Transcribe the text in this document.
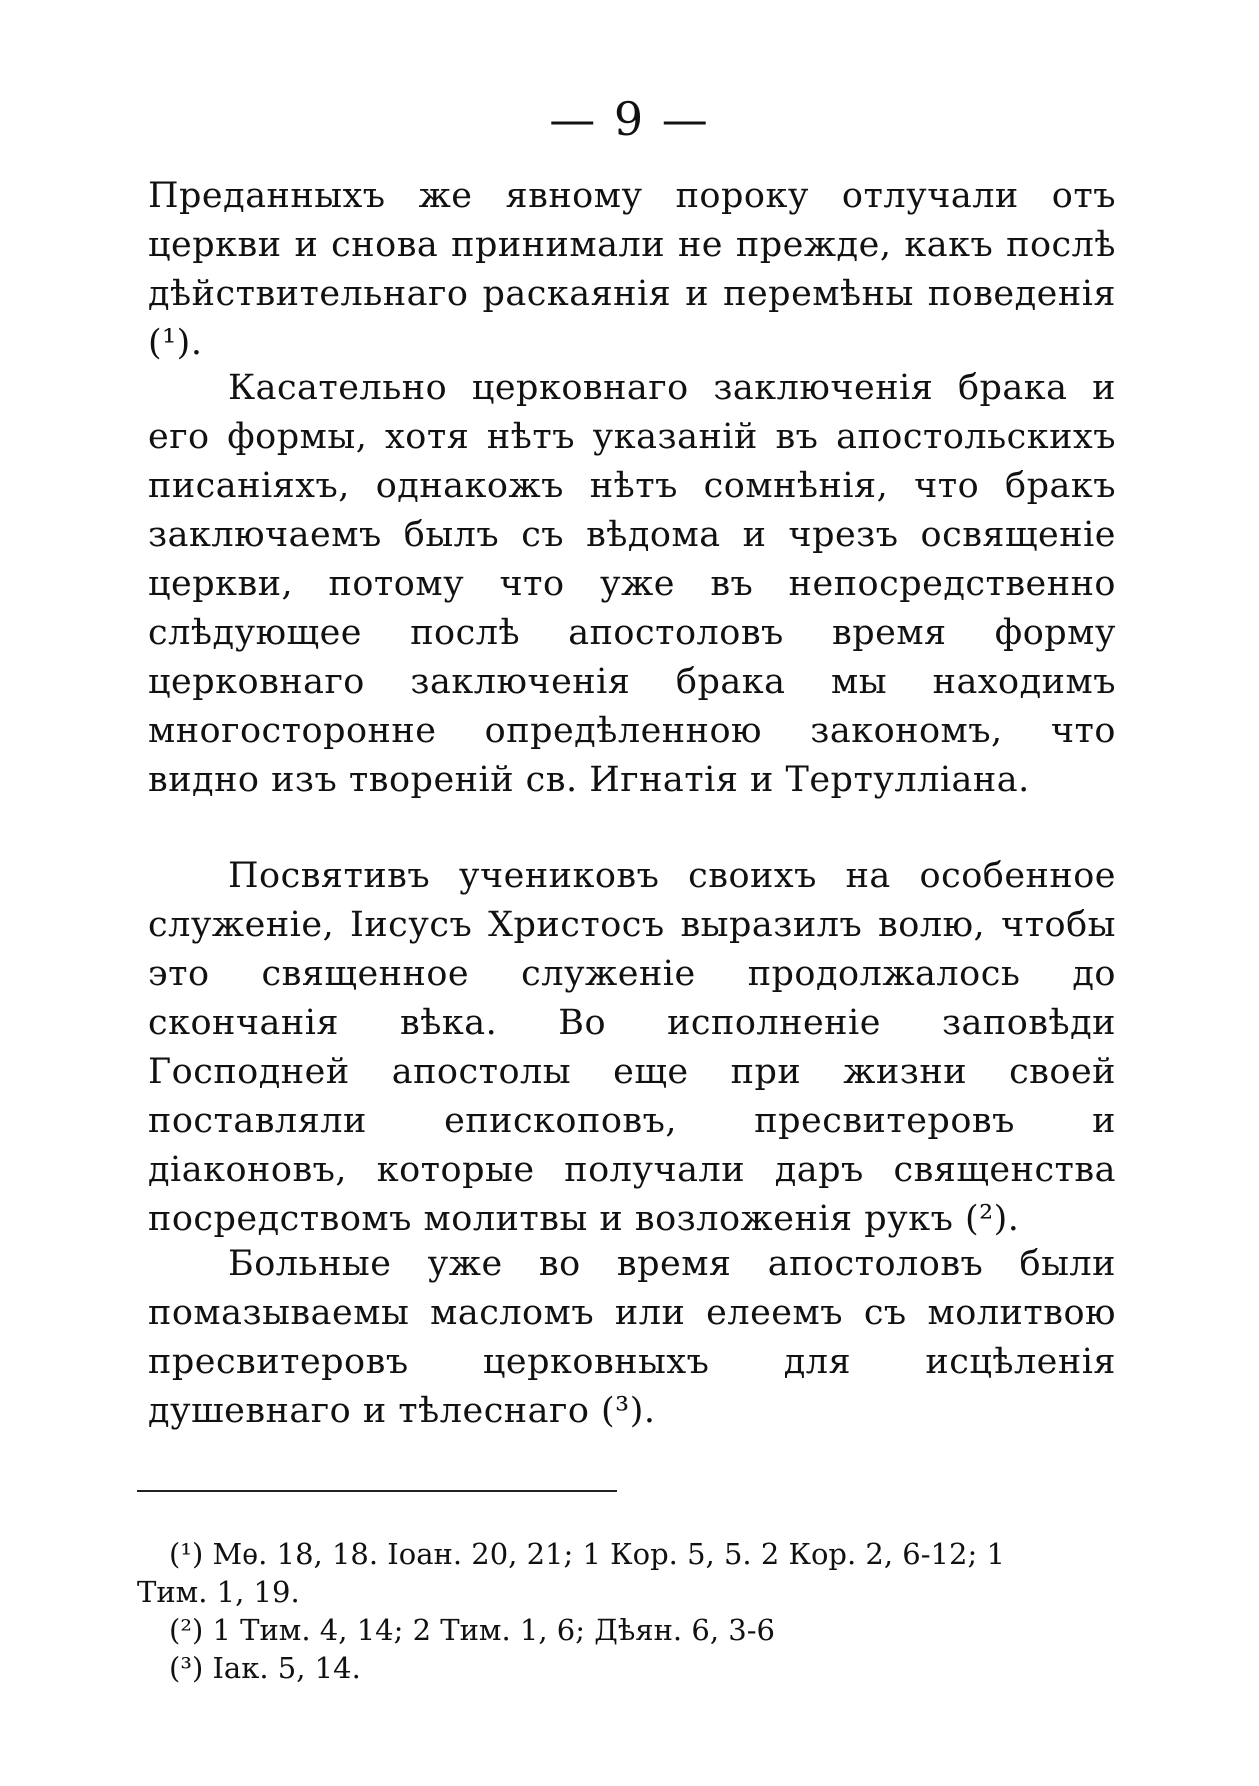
— 9 —

Преданныхъ же явному пороку отлучали отъ церкви и снова принимали не прежде, какъ послѣ дѣйствительнаго раскаянія и перемѣны поведенія (¹).

Касательно церковнаго заключенія брака и его формы, хотя нѣтъ указаній въ апостольскихъ писаніяхъ, однакожъ нѣтъ сомнѣнія, что бракъ заключаемъ былъ съ вѣдома и чрезъ освященіе церкви, потому что уже въ непосредственно слѣдующее послѣ апостоловъ время форму церковнаго заключенія брака мы находимъ многосторонне опредѣленною закономъ, что видно изъ твореній св. Игнатія и Тертулліана.

Посвятивъ учениковъ своихъ на особенное служеніе, Іисусъ Христосъ выразилъ волю, чтобы это священное служеніе продолжалось до скончанія вѣка. Во исполненіе заповѣди Господней апостолы еще при жизни своей поставляли епископовъ, пресвитеровъ и діаконовъ, которые получали даръ священства посредствомъ молитвы и возложенія рукъ (²).

Больные уже во время апостоловъ были помазываемы масломъ или елеемъ съ молитвою пресвитеровъ церковныхъ для исцѣленія душевнаго и тѣлеснаго (³).

(¹) Мѳ. 18, 18. Іоан. 20, 21; 1 Кор. 5, 5. 2 Кор. 2, 6-12; 1

Тим. 1, 19.

(²) 1 Тим. 4, 14; 2 Тим. 1, 6; Дѣян. 6, 3-6

(³) Іак. 5, 14.
